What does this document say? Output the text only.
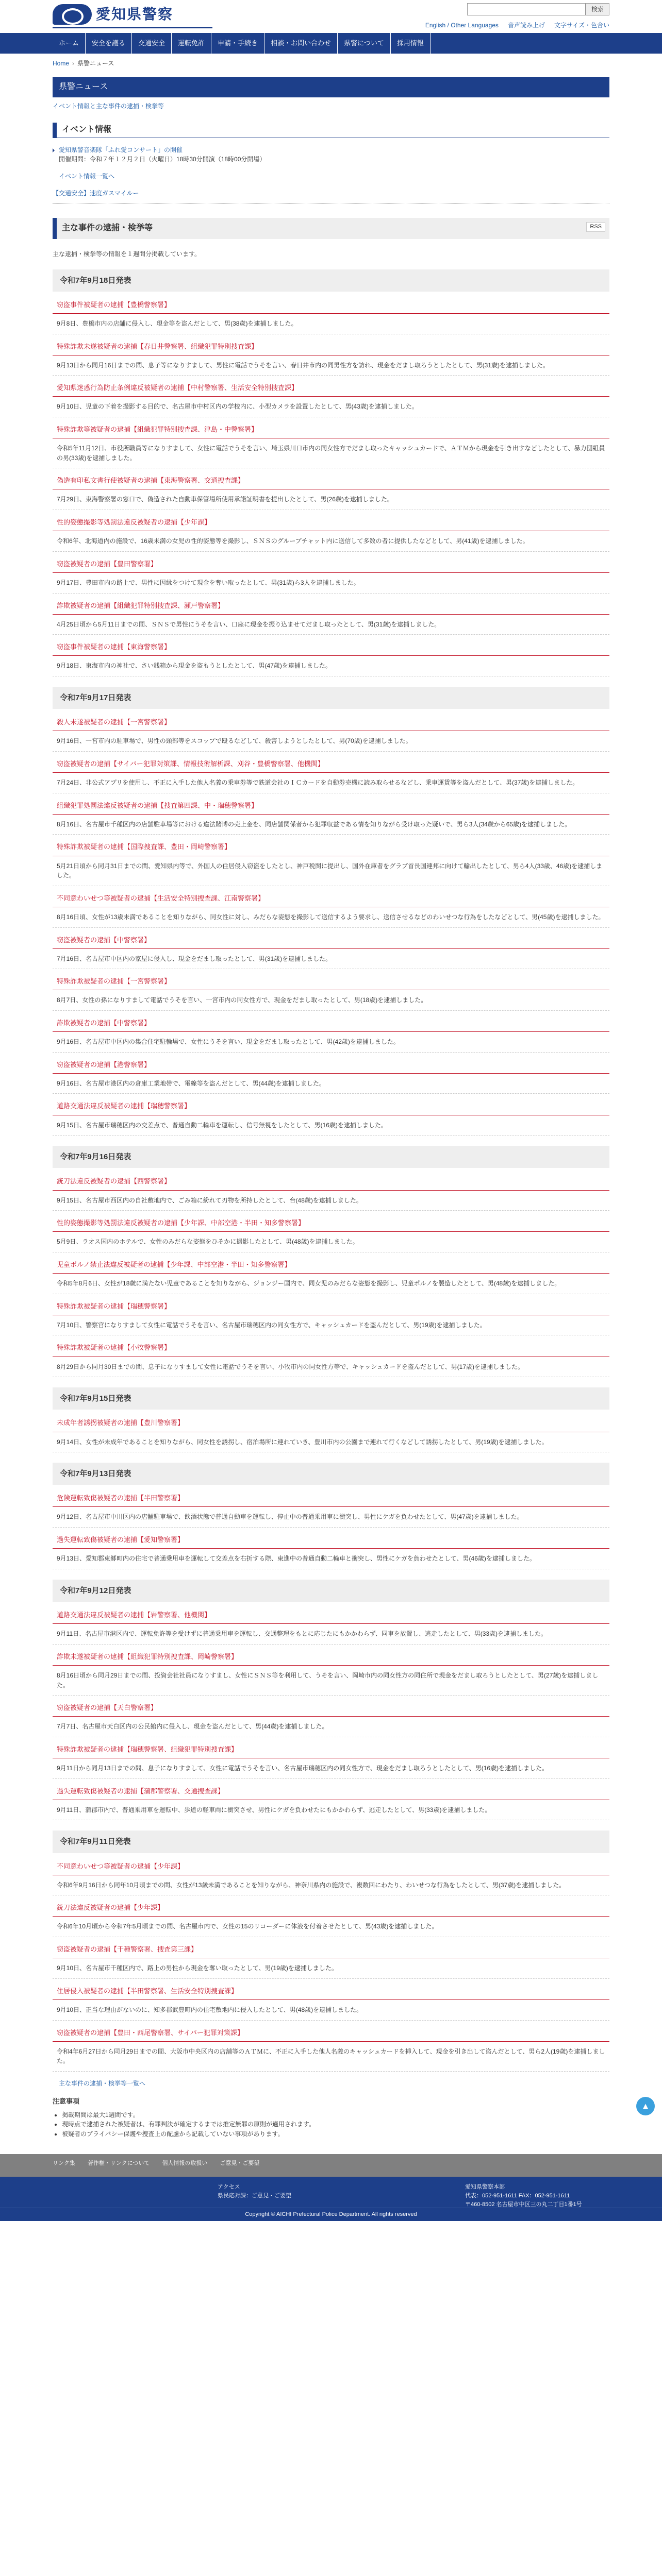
愛知県警察	検索
English / Other Languages 音声読み上げ 文字サイズ・色合い
ホーム	安全を護る	交通安全	運転免許	申請・手続き	相談・お問い合わせ	県警について	採用情報
Home › 県警ニュース
県警ニュース
イベント情報と主な事件の逮捕・検挙等
イベント情報
愛知県警音楽隊「ふれ愛コンサート」の開催
開催期間：令和７年１２月２日（火曜日）18時30分開演（18時00分開場）
イベント情報一覧へ
【交通安全】速度ガスマイルー
主な事件の逮捕・検挙等	RSS
主な逮捕・検挙等の情報を１週間分掲載しています。
令和7年9月18日発表
窃盗事件被疑者の逮捕【豊橋警察署】
9月8日、豊橋市内の店舗に侵入し、現金等を盗んだとして、男(38歳)を逮捕しました。
特殊詐欺未遂被疑者の逮捕【春日井警察署、組織犯罪特別捜査課】
9月13日から同月16日までの間、息子等になりすまして、男性に電話でうそを言い、春日井市内の同男性方を訪れ、現金をだまし取ろうとしたとして、男(31歳)を逮捕しました。
愛知県迷惑行為防止条例違反被疑者の逮捕【中村警察署、生活安全特別捜査課】
9月10日、児童の下着を撮影する目的で、名古屋市中村区内の学校内に、小型カメラを設置したとして、男(43歳)を逮捕しました。
特殊詐欺等被疑者の逮捕【組織犯罪特別捜査課、津島・中警察署】
令和5年11月12日、市役所職員等になりすまして、女性に電話でうそを言い、埼玉県川口市内の同女性方でだまし取ったキャッシュカードで、ＡＴＭから現金を引き出すなどしたとして、暴力団組員の男(33歳)を逮捕しました。
偽造有印私文書行使被疑者の逮捕【東海警察署、交通捜査課】
7月29日、東海警察署の窓口で、偽造された自動車保管場所使用承諾証明書を提出したとして、男(26歳)を逮捕しました。
性的姿態撮影等処罰法違反被疑者の逮捕【少年課】
令和6年、北海道内の施設で、16歳未満の女児の性的姿態等を撮影し、ＳＮＳのグループチャット内に送信して多数の者に提供したなどとして、男(41歳)を逮捕しました。
窃盗被疑者の逮捕【豊田警察署】
9月17日、豊田市内の路上で、男性に因縁をつけて現金を奪い取ったとして、男(31歳)ら3人を逮捕しました。
詐欺被疑者の逮捕【組織犯罪特別捜査課、瀬戸警察署】
4月25日頃から5月11日までの間、ＳＮＳで男性にうそを言い、口座に現金を振り込ませてだまし取ったとして、男(31歳)を逮捕しました。
窃盗事件被疑者の逮捕【東海警察署】
9月18日、東海市内の神社で、さい銭箱から現金を盗もうとしたとして、男(47歳)を逮捕しました。
令和7年9月17日発表
殺人未遂被疑者の逮捕【一宮警察署】
9月16日、一宮市内の駐車場で、男性の頸部等をスコップで殴るなどして、殺害しようとしたとして、男(70歳)を逮捕しました。
窃盗被疑者の逮捕【サイバー犯罪対策課、情報技術解析課、刈谷・豊橋警察署、他機関】
7月24日、非公式アプリを使用し、不正に入手した他人名義の乗車券等で鉄道会社のＩＣカードを自動券売機に読み取らせるなどし、乗車運賃等を盗んだとして、男(37歳)を逮捕しました。
組織犯罪処罰法違反被疑者の逮捕【捜査第四課、中・瑞穂警察署】
8月16日、名古屋市千種区内の店舗駐車場等における違法賭博の売上金を、同店舗関係者から犯罪収益である情を知りながら受け取った疑いで、男ら3人(34歳から65歳)を逮捕しました。
特殊詐欺被疑者の逮捕【国際捜査課、豊田・岡崎警察署】
5月21日頃から同月31日までの間、愛知県内等で、外国人の住居侵入窃盗をしたとし、神戸税関に提出し、国外在庫者をグラブ首長国連邦に向けて輸出したとして、男ら4人(33歳、46歳)を逮捕しました。
不同意わいせつ等被疑者の逮捕【生活安全特別捜査課、江南警察署】
8月16日頃、女性が13歳未満であることを知りながら、同女性に対し、みだらな姿態を撮影して送信するよう要求し、送信させるなどのわいせつな行為をしたなどとして、男(45歳)を逮捕しました。
窃盗被疑者の逮捕【中警察署】
7月16日、名古屋市中区内の家屋に侵入し、現金をだまし取ったとして、男(31歳)を逮捕しました。
特殊詐欺被疑者の逮捕【一宮警察署】
8月7日、女性の孫になりすまして電話でうそを言い、一宮市内の同女性方で、現金をだまし取ったとして、男(18歳)を逮捕しました。
詐欺被疑者の逮捕【中警察署】
9月16日、名古屋市中区内の集合住宅駐輪場で、女性にうそを言い、現金をだまし取ったとして、男(42歳)を逮捕しました。
窃盗被疑者の逮捕【港警察署】
9月16日、名古屋市港区内の倉庫工業地帯で、電線等を盗んだとして、男(44歳)を逮捕しました。
道路交通法違反被疑者の逮捕【瑞穂警察署】
9月15日、名古屋市瑞穂区内の交差点で、普通自動二輪車を運転し、信号無視をしたとして、男(16歳)を逮捕しました。
令和7年9月16日発表
銃刀法違反被疑者の逮捕【西警察署】
9月15日、名古屋市西区内の自社敷地内で、ごみ箱に紛れて刃物を所持したとして、台(48歳)を逮捕しました。
性的姿態撮影等処罰法違反被疑者の逮捕【少年課、中部空港・半田・知多警察署】
5月9日、ラオス国内のホテルで、女性のみだらな姿態をひそかに撮影したとして、男(48歳)を逮捕しました。
児童ポルノ禁止法違反被疑者の逮捕【少年課、中部空港・半田・知多警察署】
令和5年8月6日、女性が18歳に満たない児童であることを知りながら、ジョンジー国内で、同女児のみだらな姿態を撮影し、児童ポルノを製造したとして、男(48歳)を逮捕しました。
特殊詐欺被疑者の逮捕【瑞穂警察署】
7月10日、警察官になりすまして女性に電話でうそを言い、名古屋市瑞穂区内の同女性方で、キャッシュカードを盗んだとして、男(19歳)を逮捕しました。
特殊詐欺被疑者の逮捕【小牧警察署】
8月29日から同月30日までの間、息子になりすまして女性に電話でうそを言い、小牧市内の同女性方等で、キャッシュカードを盗んだとして、男(17歳)を逮捕しました。
令和7年9月15日発表
未成年者誘拐被疑者の逮捕【豊川警察署】
9月14日、女性が未成年であることを知りながら、同女性を誘拐し、宿泊場所に連れていき、豊川市内の公園まで連れて行くなどして誘拐したとして、男(19歳)を逮捕しました。
令和7年9月13日発表
危険運転致傷被疑者の逮捕【半田警察署】
9月12日、名古屋市中川区内の店舗駐車場で、飲酒状態で普通自動車を運転し、停止中の普通乗用車に衝突し、男性にケガを負わせたとして、男(47歳)を逮捕しました。
過失運転致傷被疑者の逮捕【愛知警察署】
9月13日、愛知郡東郷町内の住宅で普通乗用車を運転して交差点を右折する際、東進中の普通自動二輪車と衝突し、男性にケガを負わせたとして、男(46歳)を逮捕しました。
令和7年9月12日発表
道路交通法違反被疑者の逮捕【岩警察署、他機関】
9月11日、名古屋市港区内で、運転免許等を受けずに普通乗用車を運転し、交通整理をもとに応じたにもかかわらず、同車を放置し、逃走したとして、男(33歳)を逮捕しました。
詐欺未遂被疑者の逮捕【組織犯罪特別捜査課、岡崎警察署】
8月16日頃から同月29日までの間、投資会社社員になりすまし、女性にＳＮＳ等を利用して、うそを言い、岡崎市内の同女性方の同住所で現金をだまし取ろうとしたとして、男(27歳)を逮捕しました。
窃盗被疑者の逮捕【天白警察署】
7月7日、名古屋市天白区内の公民館内に侵入し、現金を盗んだとして、男(44歳)を逮捕しました。
特殊詐欺被疑者の逮捕【瑞穂警察署、組織犯罪特別捜査課】
9月11日から同月13日までの間、息子になりすまして、女性に電話でうそを言い、名古屋市瑞穂区内の同女性方で、現金をだまし取ろうとしたとして、男(16歳)を逮捕しました。
過失運転致傷被疑者の逮捕【蒲郡警察署、交通捜査課】
9月11日、蒲郡市内で、普通乗用車を運転中、歩道の軽車両に衝突させ、男性にケガを負わせたにもかかわらず、逃走したとして、男(33歳)を逮捕しました。
令和7年9月11日発表
不同意わいせつ等被疑者の逮捕【少年課】
令和6年9月16日から同年10月頃までの間、女性が13歳未満であることを知りながら、神奈川県内の施設で、複数回にわたり、わいせつな行為をしたとして、男(37歳)を逮捕しました。
銃刀法違反被疑者の逮捕【少年課】
令和6年10月頃から令和7年5月頃までの間、名古屋市内で、女性の15のリコーダーに体液を付着させたとして、男(43歳)を逮捕しました。
窃盗被疑者の逮捕【千種警察署、捜査第三課】
9月10日、名古屋市千種区内で、路上の男性から現金を奪い取ったとして、男(19歳)を逮捕しました。
住居侵入被疑者の逮捕【半田警察署、生活安全特別捜査課】
9月10日、正当な理由がないのに、知多郡武豊町内の住宅敷地内に侵入したとして、男(48歳)を逮捕しました。
窃盗被疑者の逮捕【豊田・西尾警察署、サイバー犯罪対策課】
令和4年6月27日から同月29日までの間、大阪市中央区内の店舗等のＡＴＭに、不正に入手した他人名義のキャッシュカードを挿入して、現金を引き出して盗んだとして、男ら2人(19歳)を逮捕しました。
主な事件の逮捕・検挙等一覧へ
注意事項
• 掲載期間は最大1週間です。
• 現時点で逮捕された被疑者は、有罪判決が確定するまでは推定無罪の原則が適用されます。
• 被疑者のプライバシー保護や捜査上の配慮から記載していない事項があります。
リンク集 著作権・リンクについて 個人情報の取扱い ご意見・ご要望
アクセス
県民応対課：ご意見・ご要望
愛知県警察本部
代表：052-951-1611 FAX：052-951-1611
〒460-8502 名古屋市中区三の丸二丁目1番1号
Copyright © AICHI Prefectural Police Department. All rights reserved
▲
